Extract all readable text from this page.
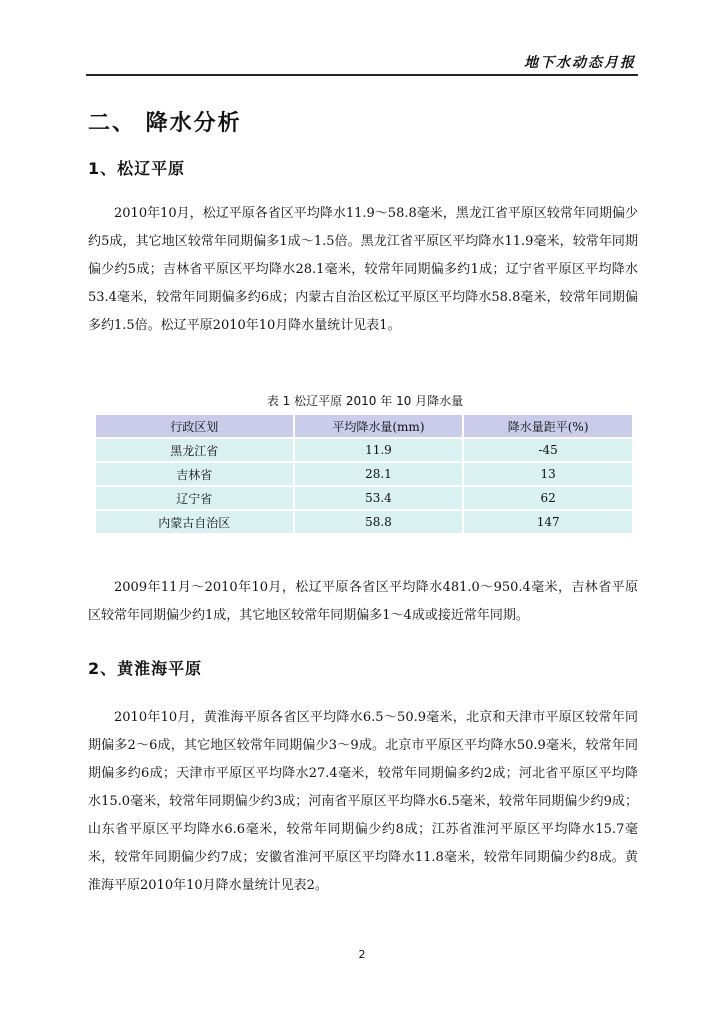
地下水动态月报
二、 降水分析
1、松辽平原

2010年10月，松辽平原各省区平均降水11.9～58.8毫米，黑龙江省平原区较常年同期偏少约5成，其它地区较常年同期偏多1成～1.5倍。黑龙江省平原区平均降水11.9毫米，较常年同期偏少约5成；吉林省平原区平均降水28.1毫米，较常年同期偏多约1成；辽宁省平原区平均降水53.4毫米，较常年同期偏多约6成；内蒙古自治区松辽平原区平均降水58.8毫米，较常年同期偏多约1.5倍。松辽平原2010年10月降水量统计见表1。

表 1 松辽平原 2010 年 10 月降水量
行政区划	平均降水量(mm)	降水量距平(%)
黑龙江省	11.9	-45
吉林省	28.1	13
辽宁省	53.4	62
内蒙古自治区	58.8	147

2009年11月～2010年10月，松辽平原各省区平均降水481.0～950.4毫米，吉林省平原区较常年同期偏少约1成，其它地区较常年同期偏多1～4成或接近常年同期。

2、黄淮海平原

2010年10月，黄淮海平原各省区平均降水6.5～50.9毫米，北京和天津市平原区较常年同期偏多2～6成，其它地区较常年同期偏少3～9成。北京市平原区平均降水50.9毫米，较常年同期偏多约6成；天津市平原区平均降水27.4毫米，较常年同期偏多约2成；河北省平原区平均降水15.0毫米，较常年同期偏少约3成；河南省平原区平均降水6.5毫米，较常年同期偏少约9成；山东省平原区平均降水6.6毫米，较常年同期偏少约8成；江苏省淮河平原区平均降水15.7毫米，较常年同期偏少约7成；安徽省淮河平原区平均降水11.8毫米，较常年同期偏少约8成。黄淮海平原2010年10月降水量统计见表2。

2
